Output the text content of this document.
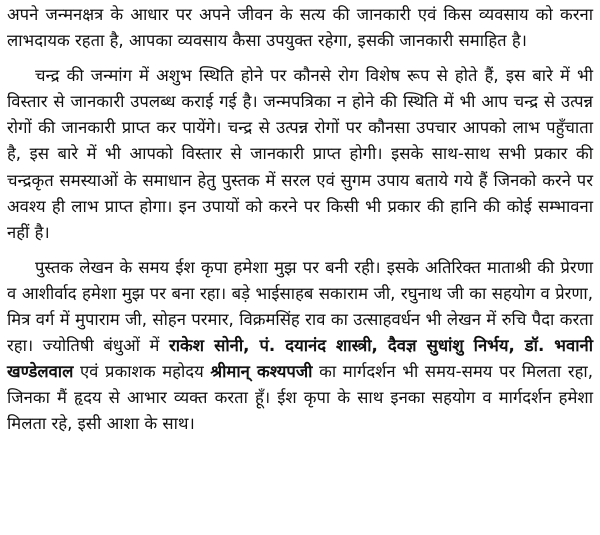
अपने जन्मनक्षत्र के आधार पर अपने जीवन के सत्य की जानकारी एवं किस व्यवसाय को करना लाभदायक रहता है, आपका व्यवसाय कैसा उपयुक्त रहेगा, इसकी जानकारी समाहित है।

चन्द्र की जन्मांग में अशुभ स्थिति होने पर कौनसे रोग विशेष रूप से होते हैं, इस बारे में भी विस्तार से जानकारी उपलब्ध कराई गई है। जन्मपत्रिका न होने की स्थिति में भी आप चन्द्र से उत्पन्न रोगों की जानकारी प्राप्त कर पायेंगे। चन्द्र से उत्पन्न रोगों पर कौनसा उपचार आपको लाभ पहुँचाता है, इस बारे में भी आपको विस्तार से जानकारी प्राप्त होगी। इसके साथ-साथ सभी प्रकार की चन्द्रकृत समस्याओं के समाधान हेतु पुस्तक में सरल एवं सुगम उपाय बताये गये हैं जिनको करने पर अवश्य ही लाभ प्राप्त होगा। इन उपायों को करने पर किसी भी प्रकार की हानि की कोई सम्भावना नहीं है।

पुस्तक लेखन के समय ईश कृपा हमेशा मुझ पर बनी रही। इसके अतिरिक्त माताश्री की प्रेरणा व आशीर्वाद हमेशा मुझ पर बना रहा। बड़े भाईसाहब सकाराम जी, रघुनाथ जी का सहयोग व प्रेरणा, मित्र वर्ग में मुपाराम जी, सोहन परमार, विक्रमसिंह राव का उत्साहवर्धन भी लेखन में रुचि पैदा करता रहा। ज्योतिषी बंधुओं में राकेश सोनी, पं. दयानंद शास्त्री, दैवज्ञ सुधांशु निर्भय, डॉ. भवानी खण्डेलवाल एवं प्रकाशक महोदय श्रीमान् कश्यपजी का मार्गदर्शन भी समय-समय पर मिलता रहा, जिनका मैं हृदय से आभार व्यक्त करता हूँ। ईश कृपा के साथ इनका सहयोग व मार्गदर्शन हमेशा मिलता रहे, इसी आशा के साथ।
